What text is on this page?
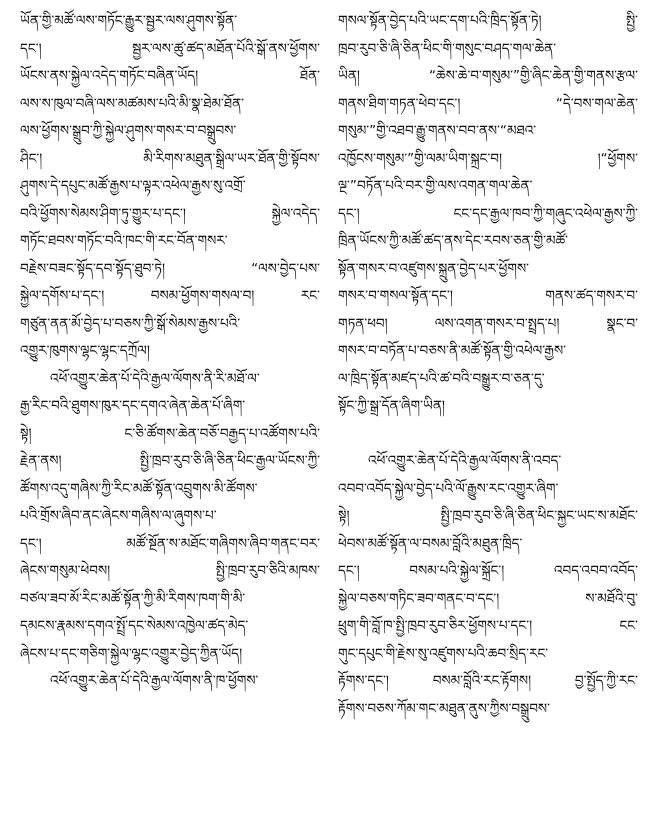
ཡོན་གྱི་མཚོ་ལས་གཏོང་རྒྱུར་སྦྱར་ལས་ཤུགས་སྟོན་
དང་། སྦྱར་ལས་ཚུ་ཚད་མཐོན་པོའི་སྒོ་ནས་ཕྱོགས་
ཡོངས་ནས་སྐྱེལ་འདེད་གཏོང་བཞིན་ཡོད། ཐོན་
ལས་ས་ཁུལ་བཞི་ལས་མཚམས་པའི་མི་སྣ་ཐེམ་ཐོན་
ལས་ཕྱོགས་སྒྲུབ་ཀྱི་སྐྱེལ་ཤུགས་གསར་བ་བསྒྲུབས་
ཤིང་། མི་རིགས་མཐུན་སྒྲིལ་ཡར་ཐོན་གྱི་སྟོབས་
ཤུགས་དེ་དཔུང་མཚོ་རྒྱས་པ་ལྟར་འཕེལ་རྒྱས་སུ་འགྲོ་
བའི་ཕྱོགས་སེམས་ཤིག་ཏུ་གྱུར་པ་དང་། སྐྱེལ་འདེད་
གཏོང་ཐབས་གཏོང་བའི་ཁང་གི་རང་བོན་གསར་
བརྗེས་བཟང་སྟོད་དབ་སྟོད་ཐུབ་ཏེ། “ལས་བྱེད་པས་
སྐྱེལ་དགོས་པ་དང་། བསམ་ཕྱོགས་གསལ་བ། རང་
གཙུན་ནན་མོ་བྱེད་པ་བཅས་ཀྱི་སྒོ་སེམས་རྒྱས་པའི་
འགྱུར་ཁུགས་ལྷང་ལྷང་དཀྲོལ།
འཕོ་འགྱུར་ཆེན་པོ་དེའི་རྒྱལ་ལོགས་ནི་རི་མཐོ་ལ་
རྒྱ་རིང་བའི་ཐུགས་ཁུར་དང་དགའ་ཞེན་ཆེན་པོ་ཞིག་
སྟེ། ང་ཅི་ཚོགས་ཆེན་བཅོ་བརྒྱད་པ་འཚོགས་པའི་
རྗེན་ནས། སྤྱི་ཁྲབ་རུབ་ཅི་ཞི་ཅིན་ཕིང་རྒྱལ་ཡོངས་ཀྱི་
ཚོགས་འདུ་གཞིས་ཀྱི་རིང་མཚོ་སྟོན་འབྲུགས་མི་ཚོགས་
པའི་གྲོས་ཞིབ་ནང་ཞེངས་གཞིས་ལ་ཞུགས་པ་
དང་། མཚོ་སྔོན་ས་མཐོང་གཞིགས་ཞིབ་གནང་བར་
ཞེངས་གསུམ་ཕེབས། སྤྱི་ཁྲབ་རུབ་ཅིའི་མཁས་
བཙལ་ཟབ་མོ་རིང་མཚོ་སྟོན་ཀྱི་མི་རིགས་ཁག་གི་མི་
དམངས་རྣམས་དགའ་སྤྲོ་དང་སེམས་འཁྱེལ་ཚད་མེད་
ཞེངས་པ་དང་གཅིག་སྐྱེལ་ལྷང་འགྱུར་བྱེད་ཀྱིན་ཡོད།
འཕོ་འགྱུར་ཆེན་པོ་དེའི་རྒྱལ་ལོགས་ནི་ཁ་ཕྱོགས་
གསལ་སྟོན་བྱེད་པའི་ཡང་དག་པའི་ཁྲིད་སྟོན་ཏེ། སྤྱི་
ཁྲབ་རུབ་ཅི་ཞི་ཅིན་ཕིང་གི་གསུང་བཤད་གལ་ཆེན་
ཡིན། “ཆེས་ཆེ་བ་གསུམ་”གྱི་ཞིང་ཆེན་གྱི་གནས་རྩལ་
གནས་ཐིག་གཏན་ཕེབ་དང་། “དེ་བས་གལ་ཆེན་
གསུམ་”གྱི་འཐབ་རྒྱུ་གནས་བབ་ནས་“མཐའ་
འཁྱོངས་གསུམ་”གྱི་ལམ་ཡིག་སྐྲང་བ། །“ཕྱོགས་
ལྔ་”བཏོན་པའི་བར་གྱི་ལས་འགན་གལ་ཆེན་
དང་། ངང་དང་རྒྱལ་ཁབ་ཀྱི་གཞུང་འཕེལ་རྒྱས་ཀྱི་
ཁྲིན་ཡོངས་ཀྱི་མཚོ་ཚད་ནས་དེང་རབས་ཅན་གྱི་མཚོ་
སྟོན་གསར་བ་འཛུགས་སྐྲུན་བྱེད་པར་ཕྱོགས་
གསར་བ་གསལ་སྟོན་དང་། གནས་ཚད་གསར་བ་
གཏན་ཕབ། ལས་འགན་གསར་བ་སྤྲད་པ། སྣང་བ་
གསར་བ་བཏོན་པ་བཅས་ནི་མཚོ་སྟོན་གྱི་འཕེལ་རྒྱས་
ལ་ཁྲིད་སྟོན་མཛད་པའི་ཚ་བའི་བསྒྱུར་བ་ཅན་དུ་
སྟོང་ཀྱི་སྒྲ་དོན་ཞིག་ཡིན།
འཕོ་འགྱུར་ཆེན་པོ་དེའི་རྒྱལ་ལོགས་ནི་འབད་
འབབ་འབོད་སྐྱེལ་བྱེད་པའི་ལོ་རྒྱུས་རང་འགྱུར་ཞིག་
སྟེ། སྤྱི་ཁྲབ་རུབ་ཅི་ཞི་ཅིན་ཕིང་སྐྱང་ཡང་ས་མཐོང་
ཕེབས་མཚོ་སྟོན་ལ་བསམ་བློའི་མཐུན་ཁྲིད་
དང་། བསམ་པའི་སྐྱེལ་སྐྲོང་། འབད་འབབ་འབོད་
སྐྱེལ་བཅས་གཏིང་ཟབ་གནང་བ་དང་། ས་མཐོའི་བུ་
ཕྲུག་གི་བློ་ཁ་སྤྱི་ཁྲབ་རུབ་ཅིར་ཕྱོགས་པ་དང་། ངང་
གུང་དཔུང་གི་རྗེས་སུ་འཛུགས་པའི་ཆབ་སྲིད་རང་
རྟོགས་དང་། བསམ་བློའི་རང་རྟོགས། བྱ་སྤྱོད་ཀྱི་རང་
རྟོགས་བཅས་ཀོམ་གང་མཐུན་ནུས་ཀྱིས་བསྒྲུབས་
